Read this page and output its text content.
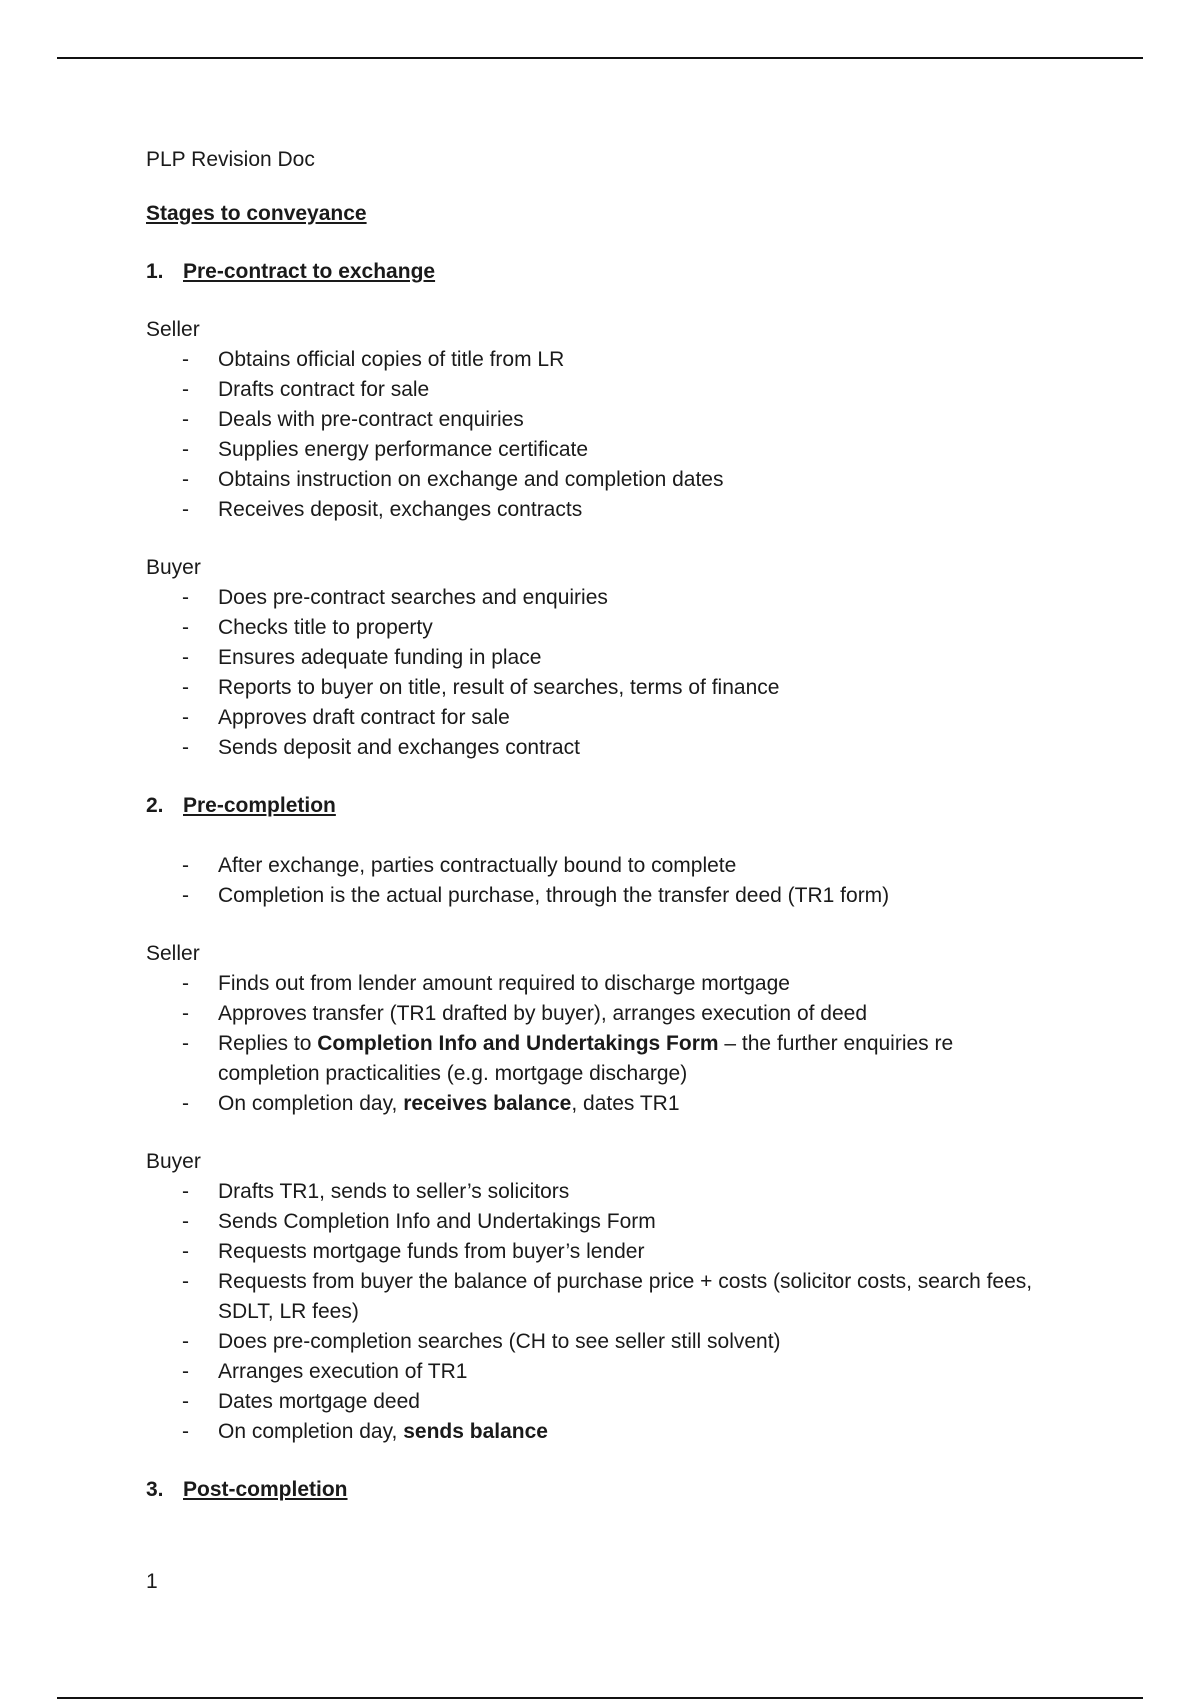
PLP Revision Doc

Stages to conveyance

1. Pre-contract to exchange

Seller

- Obtains official copies of title from LR
- Drafts contract for sale
- Deals with pre-contract enquiries
- Supplies energy performance certificate
- Obtains instruction on exchange and completion dates
- Receives deposit, exchanges contracts

Buyer

- Does pre-contract searches and enquiries
- Checks title to property
- Ensures adequate funding in place
- Reports to buyer on title, result of searches, terms of finance
- Approves draft contract for sale
- Sends deposit and exchanges contract

2. Pre-completion

- After exchange, parties contractually bound to complete
- Completion is the actual purchase, through the transfer deed (TR1 form)

Seller

- Finds out from lender amount required to discharge mortgage
- Approves transfer (TR1 drafted by buyer), arranges execution of deed
- Replies to Completion Info and Undertakings Form – the further enquiries re completion practicalities (e.g. mortgage discharge)
- On completion day, receives balance, dates TR1

Buyer

- Drafts TR1, sends to seller’s solicitors
- Sends Completion Info and Undertakings Form
- Requests mortgage funds from buyer’s lender
- Requests from buyer the balance of purchase price + costs (solicitor costs, search fees, SDLT, LR fees)
- Does pre-completion searches (CH to see seller still solvent)
- Arranges execution of TR1
- Dates mortgage deed
- On completion day, sends balance

3. Post-completion

1
